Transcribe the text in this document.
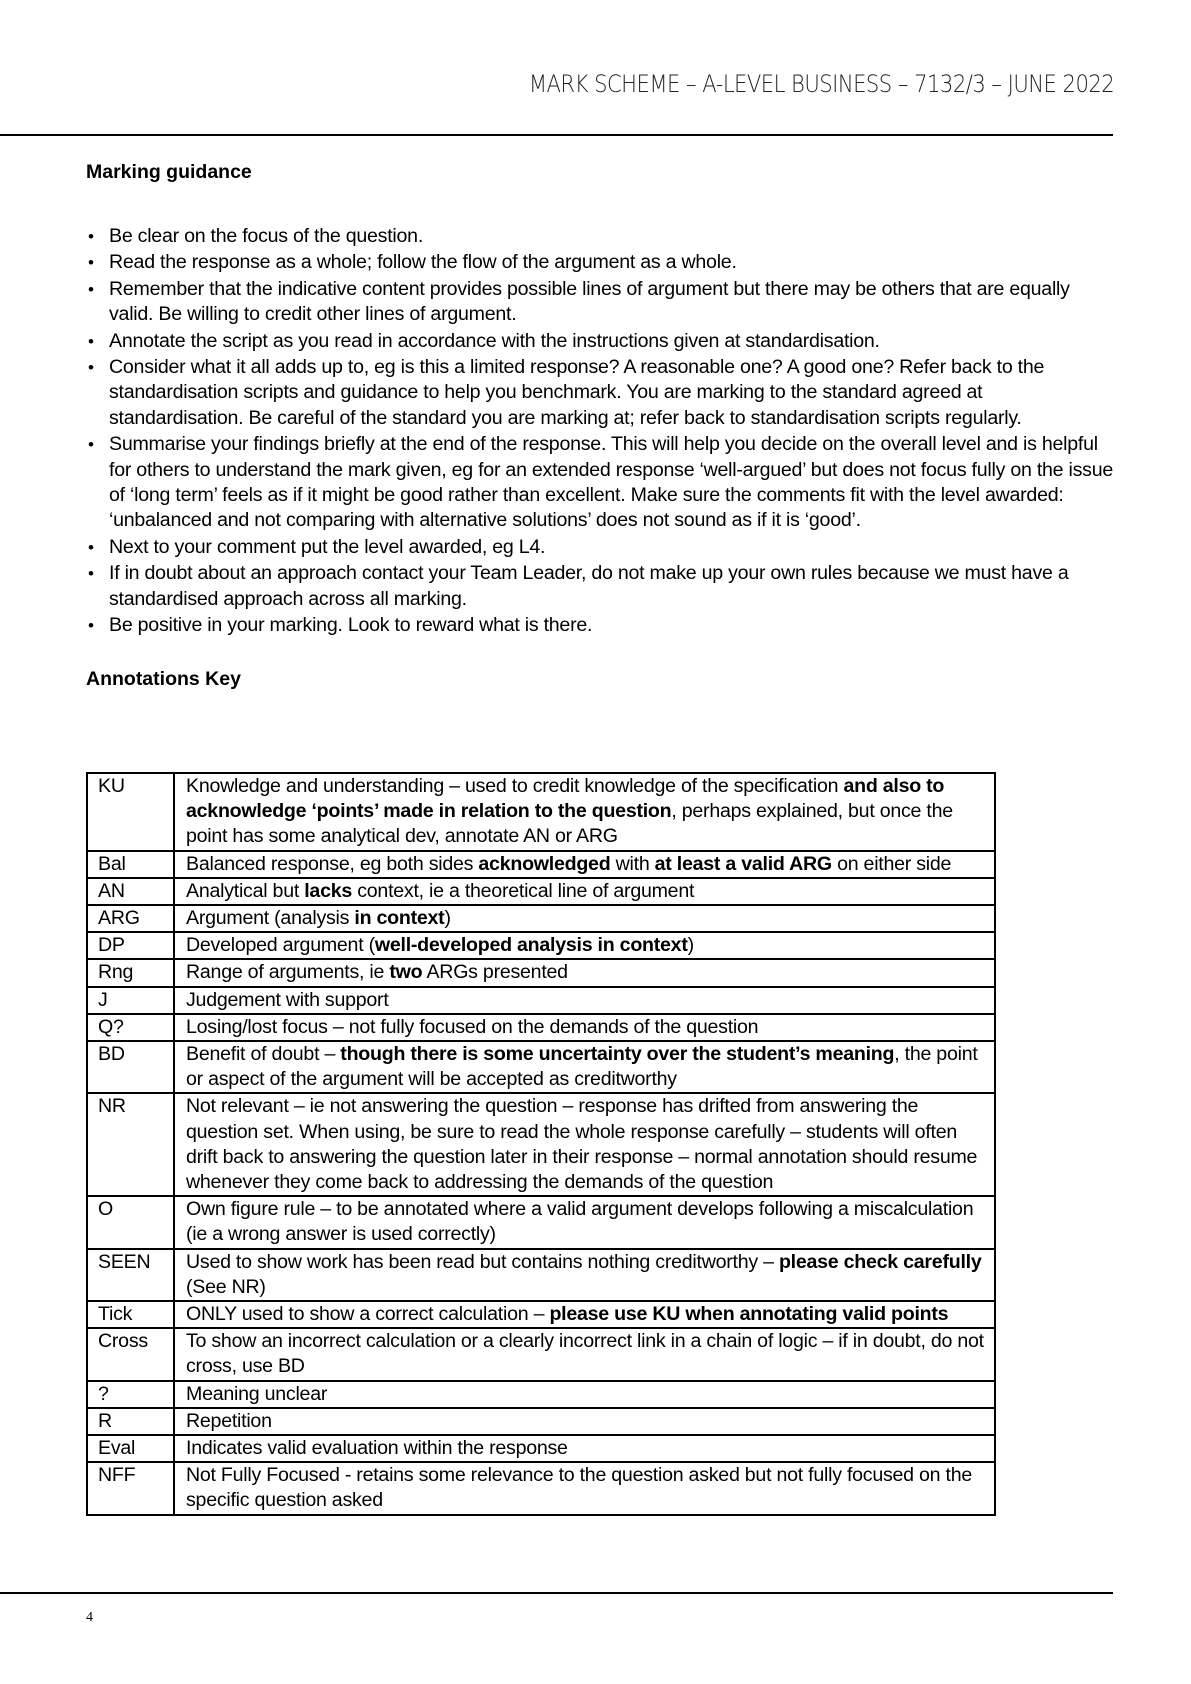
MARK SCHEME – A-LEVEL BUSINESS – 7132/3 – JUNE 2022
Marking guidance
• Be clear on the focus of the question.
• Read the response as a whole; follow the flow of the argument as a whole.
• Remember that the indicative content provides possible lines of argument but there may be others that are equally valid. Be willing to credit other lines of argument.
• Annotate the script as you read in accordance with the instructions given at standardisation.
• Consider what it all adds up to, eg is this a limited response? A reasonable one? A good one? Refer back to the standardisation scripts and guidance to help you benchmark. You are marking to the standard agreed at standardisation. Be careful of the standard you are marking at; refer back to standardisation scripts regularly.
• Summarise your findings briefly at the end of the response. This will help you decide on the overall level and is helpful for others to understand the mark given, eg for an extended response ‘well-argued’ but does not focus fully on the issue of ‘long term’ feels as if it might be good rather than excellent. Make sure the comments fit with the level awarded: ‘unbalanced and not comparing with alternative solutions’ does not sound as if it is ‘good’.
• Next to your comment put the level awarded, eg L4.
• If in doubt about an approach contact your Team Leader, do not make up your own rules because we must have a standardised approach across all marking.
• Be positive in your marking. Look to reward what is there.
Annotations Key
KU	Knowledge and understanding – used to credit knowledge of the specification and also to acknowledge ‘points’ made in relation to the question, perhaps explained, but once the point has some analytical dev, annotate AN or ARG
Bal	Balanced response, eg both sides acknowledged with at least a valid ARG on either side
AN	Analytical but lacks context, ie a theoretical line of argument
ARG	Argument (analysis in context)
DP	Developed argument (well-developed analysis in context)
Rng	Range of arguments, ie two ARGs presented
J	Judgement with support
Q?	Losing/lost focus – not fully focused on the demands of the question
BD	Benefit of doubt – though there is some uncertainty over the student’s meaning, the point or aspect of the argument will be accepted as creditworthy
NR	Not relevant – ie not answering the question – response has drifted from answering the question set. When using, be sure to read the whole response carefully – students will often drift back to answering the question later in their response – normal annotation should resume whenever they come back to addressing the demands of the question
O	Own figure rule – to be annotated where a valid argument develops following a miscalculation (ie a wrong answer is used correctly)
SEEN	Used to show work has been read but contains nothing creditworthy – please check carefully (See NR)
Tick	ONLY used to show a correct calculation – please use KU when annotating valid points
Cross	To show an incorrect calculation or a clearly incorrect link in a chain of logic – if in doubt, do not cross, use BD
?	Meaning unclear
R	Repetition
Eval	Indicates valid evaluation within the response
NFF	Not Fully Focused - retains some relevance to the question asked but not fully focused on the specific question asked
4
